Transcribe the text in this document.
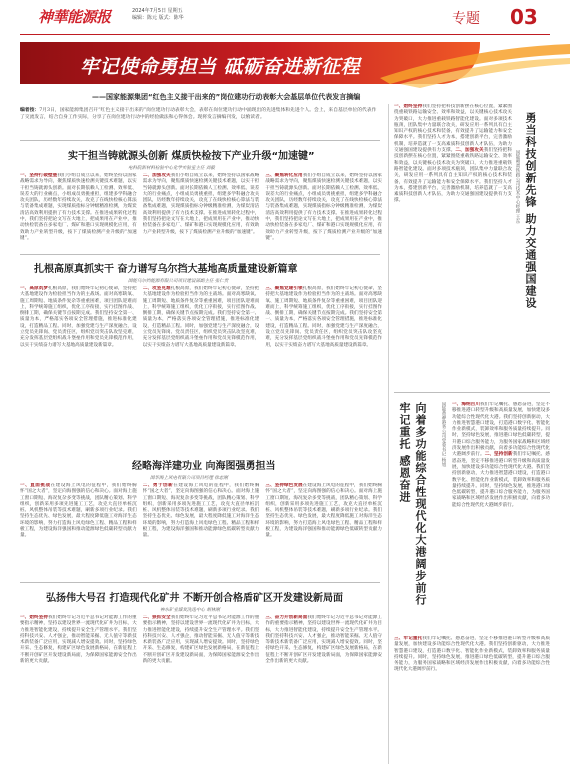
神華能源报	2024年7月5日 星期五
编辑：陈元 版式：陈华	专题 03
牢记使命勇担当 砥砺奋进新征程
——国家能源集团“红色主义接干出来的”岗位建功行动表彰大会基层单位代表发言摘编
编者按：7月3日，国家能源集团召开“红色主义接干出来的”岗位建功行动表彰大会，表彰在岗位建功行动中涌现出的先进集体和先进个人。会上，来自基层单位的代表作了交流发言，结合自身工作实际，分享了在岗位建功行动中的经验做法和心得体会。现将发言摘编刊发，以飨读者。
实干担当铸就源头创新 煤质快检按下产业升级“加速键”
电科院新材料检验中心化学实验室主任 刘毅
一、坚持打破壁垒我们小组自成立以来，始终坚持以国家战略需求为导向，聚焦煤质快速检测关键技术难题，以实干担当铸就源头创新。面对长期依赖人工检测、效率低、误差大的行业痛点，小组成员勇挑重担，组建多学科融合攻关团队，历经数年持续攻关，攻克了在线快检核心算法与装备集成难题，实现煤质指标分钟级精准检测，为煤炭清洁高效利用提供了有力技术支撑。在推进成果转化过程中，我们坚持把论文写在大地上，把成果用在产业中，推动快检装备在多家电厂、煤矿和港口实现规模化应用，有效助力产业转型升级，按下了煤质检测产业升级的“加速键”。
二、加强攻关我们小组自成立以来，始终坚持以国家战略需求为导向，聚焦煤质快速检测关键技术难题，以实干担当铸就源头创新。面对长期依赖人工检测、效率低、误差大的行业痛点，小组成员勇挑重担，组建多学科融合攻关团队，历经数年持续攻关，攻克了在线快检核心算法与装备集成难题，实现煤质指标分钟级精准检测，为煤炭清洁高效利用提供了有力技术支撑。在推进成果转化过程中，我们坚持把论文写在大地上，把成果用在产业中，推动快检装备在多家电厂、煤矿和港口实现规模化应用，有效助力产业转型升级，按下了煤质检测产业升级的“加速键”。
三、聚焦转化应用我们小组自成立以来，始终坚持以国家战略需求为导向，聚焦煤质快速检测关键技术难题，以实干担当铸就源头创新。面对长期依赖人工检测、效率低、误差大的行业痛点，小组成员勇挑重担，组建多学科融合攻关团队，历经数年持续攻关，攻克了在线快检核心算法与装备集成难题，实现煤质指标分钟级精准检测，为煤炭清洁高效利用提供了有力技术支撑。在推进成果转化过程中，我们坚持把论文写在大地上，把成果用在产业中，推动快检装备在多家电厂、煤矿和港口实现规模化应用，有效助力产业转型升级，按下了煤质检测产业升级的“加速键”。
扎根高原真抓实干 奋力谱写乌尔挡大基地高质量建设新篇章
国能乌尔挡能源有限公司项目建设部副主任 张仁贵
一、高原筑梦扎根高原，我们始终牢记初心使命，坚持把大基地建设作为检验担当作为的主战场。面对高寒缺氧、施工周期短、地质条件复杂等重重困难，项目团队迎难而上，科学统筹施工组织，优化工序衔接，实行挂图作战、倒排工期，确保关键节点按期完成。我们坚持安全第一、质量为本，严格落实各项安全管理措施，推进标准化建设，打造精品工程。同时，加强党建与生产深度融合，设立党员先锋岗、党员责任区，组织党员突击队攻坚克难，充分发挥基层党组织战斗堡垒作用和党员先锋模范作用，以实干实绩奋力谱写大基地高质量建设新篇章。
二、攻坚克难扎根高原，我们始终牢记初心使命，坚持把大基地建设作为检验担当作为的主战场。面对高寒缺氧、施工周期短、地质条件复杂等重重困难，项目团队迎难而上，科学统筹施工组织，优化工序衔接，实行挂图作战、倒排工期，确保关键节点按期完成。我们坚持安全第一、质量为本，严格落实各项安全管理措施，推进标准化建设，打造精品工程。同时，加强党建与生产深度融合，设立党员先锋岗、党员责任区，组织党员突击队攻坚克难，充分发挥基层党组织战斗堡垒作用和党员先锋模范作用，以实干实绩奋力谱写大基地高质量建设新篇章。
三、聚焦党建引领扎根高原，我们始终牢记初心使命，坚持把大基地建设作为检验担当作为的主战场。面对高寒缺氧、施工周期短、地质条件复杂等重重困难，项目团队迎难而上，科学统筹施工组织，优化工序衔接，实行挂图作战、倒排工期，确保关键节点按期完成。我们坚持安全第一、质量为本，严格落实各项安全管理措施，推进标准化建设，打造精品工程。同时，加强党建与生产深度融合，设立党员先锋岗、党员责任区，组织党员突击队攻坚克难，充分发挥基层党组织战斗堡垒作用和党员先锋模范作用，以实干实绩奋力谱写大基地高质量建设新篇章。
经略海洋建功业 向海图强勇担当
国华海上风电有限公司项目经理 徐志刚
一、直面挑战在建设海上风电的征程中，我们始终胸怀“国之大者”，坚定向海图强的信心和决心。面对海上施工窗口期短、海况复杂多变等挑战，团队精心策划、科学组织，创新采用多项先进施工工艺，攻克大直径单桩沉桩、风机整体吊装等技术难题，刷新多项行业纪录。我们坚持生态优先、绿色发展，最大程度降低施工对海洋生态环境的影响，努力打造海上风电绿色工程、精品工程和样板工程，为建设海洋强国和推动能源绿色低碳转型贡献力量。
二、勇于创新在建设海上风电的征程中，我们始终胸怀“国之大者”，坚定向海图强的信心和决心。面对海上施工窗口期短、海况复杂多变等挑战，团队精心策划、科学组织，创新采用多项先进施工工艺，攻克大直径单桩沉桩、风机整体吊装等技术难题，刷新多项行业纪录。我们坚持生态优先、绿色发展，最大程度降低施工对海洋生态环境的影响，努力打造海上风电绿色工程、精品工程和样板工程，为建设海洋强国和推动能源绿色低碳转型贡献力量。
三、坚持绿色发展在建设海上风电的征程中，我们始终胸怀“国之大者”，坚定向海图强的信心和决心。面对海上施工窗口期短、海况复杂多变等挑战，团队精心策划、科学组织，创新采用多项先进施工工艺，攻克大直径单桩沉桩、风机整体吊装等技术难题，刷新多项行业纪录。我们坚持生态优先、绿色发展，最大程度降低施工对海洋生态环境的影响，努力打造海上风电绿色工程、精品工程和样板工程，为建设海洋强国和推动能源绿色低碳转型贡献力量。
弘扬伟大号召 打造现代化矿井 不断开创合格盾矿区开发建设新局面
神东矿业煤炭洗选中心 胡林刚
一、始终坚持我们始终牢记习近平总书记对能源工作的重要指示精神，坚持以建设世界一流现代化矿井为目标，大力推进智能化建设，持续提升安全生产管理水平。我们坚持科技兴安、人才强企，推动智能采掘、无人值守等新技术新装备广泛应用，实现减人增安提效。同时，坚持绿色开采、生态修复，构建矿区绿色发展新格局，在新征程上不断开创矿区开发建设新局面，为保障国家能源安全作出新的更大贡献。
二、狠抓安全我们始终牢记习近平总书记对能源工作的重要指示精神，坚持以建设世界一流现代化矿井为目标，大力推进智能化建设，持续提升安全生产管理水平。我们坚持科技兴安、人才强企，推动智能采掘、无人值守等新技术新装备广泛应用，实现减人增安提效。同时，坚持绿色开采、生态修复，构建矿区绿色发展新格局，在新征程上不断开创矿区开发建设新局面，为保障国家能源安全作出新的更大贡献。
三、奋力开创新局面我们始终牢记习近平总书记对能源工作的重要指示精神，坚持以建设世界一流现代化矿井为目标，大力推进智能化建设，持续提升安全生产管理水平。我们坚持科技兴安、人才强企，推动智能采掘、无人值守等新技术新装备广泛应用，实现减人增安提效。同时，坚持绿色开采、生态修复，构建矿区绿色发展新格局，在新征程上不断开创矿区开发建设新局面，为保障国家能源安全作出新的更大贡献。
一、始终坚持我们坚持把科技创新摆在核心位置，紧紧围绕重载铁路运输安全、效率和效益，以关键核心技术攻关为突破口，大力推进重载铁路智能化建设。面对多项技术瓶颈，团队集中力量联合攻关，研发应用一系列具有自主知识产权的核心技术和装备，有效提升了运输能力和安全保障水平。我们坚持人才为本，搭建创新平台，完善激励机制，培养造就了一支高素质科技创新人才队伍，为助力交通强国建设提供有力支撑。二、加强攻关我们坚持把科技创新摆在核心位置，紧紧围绕重载铁路运输安全、效率和效益，以关键核心技术攻关为突破口，大力推进重载铁路智能化建设。面对多项技术瓶颈，团队集中力量联合攻关，研发应用一系列具有自主知识产权的核心技术和装备，有效提升了运输能力和安全保障水平。我们坚持人才为本，搭建创新平台，完善激励机制，培养造就了一支高素质科技创新人才队伍，为助力交通强国建设提供有力支撑。	勇当科技创新先锋 助力交通强国建设
国能朔黄铁路公司技术中心经理 王东
向着多功能综合性现代化大港阔步前行 牢记重托 感恩奋进	国能黄骅港务公司党委书记 杨旭 一、海纳百川我们牢记嘱托、感恩奋进，坚定不移推进港口转型升级和高质量发展，加快建设多功能综合性现代化大港。我们坚持创新驱动，大力推进智慧港口建设，打造港口数字化、智能化作业新模式，装卸效率和服务质量持续提升。同时，坚持绿色发展，推进港口绿色低碳转型，提升港口综合服务能力，为服务国家战略和区域经济发展作出积极贡献，向着多功能综合性现代化大港阔步前行。二、坚持创新我们牢记嘱托、感恩奋进，坚定不移推进港口转型升级和高质量发展，加快建设多功能综合性现代化大港。我们坚持创新驱动，大力推进智慧港口建设，打造港口数字化、智能化作业新模式，装卸效率和服务质量持续提升。同时，坚持绿色发展，推进港口绿色低碳转型，提升港口综合服务能力，为服务国家战略和区域经济发展作出积极贡献，向着多功能综合性现代化大港阔步前行。
三、牢记重托我们牢记嘱托、感恩奋进，坚定不移推进港口转型升级和高质量发展，加快建设多功能综合性现代化大港。我们坚持创新驱动，大力推进智慧港口建设，打造港口数字化、智能化作业新模式，装卸效率和服务质量持续提升。同时，坚持绿色发展，推进港口绿色低碳转型，提升港口综合服务能力，为服务国家战略和区域经济发展作出积极贡献，向着多功能综合性现代化大港阔步前行。
